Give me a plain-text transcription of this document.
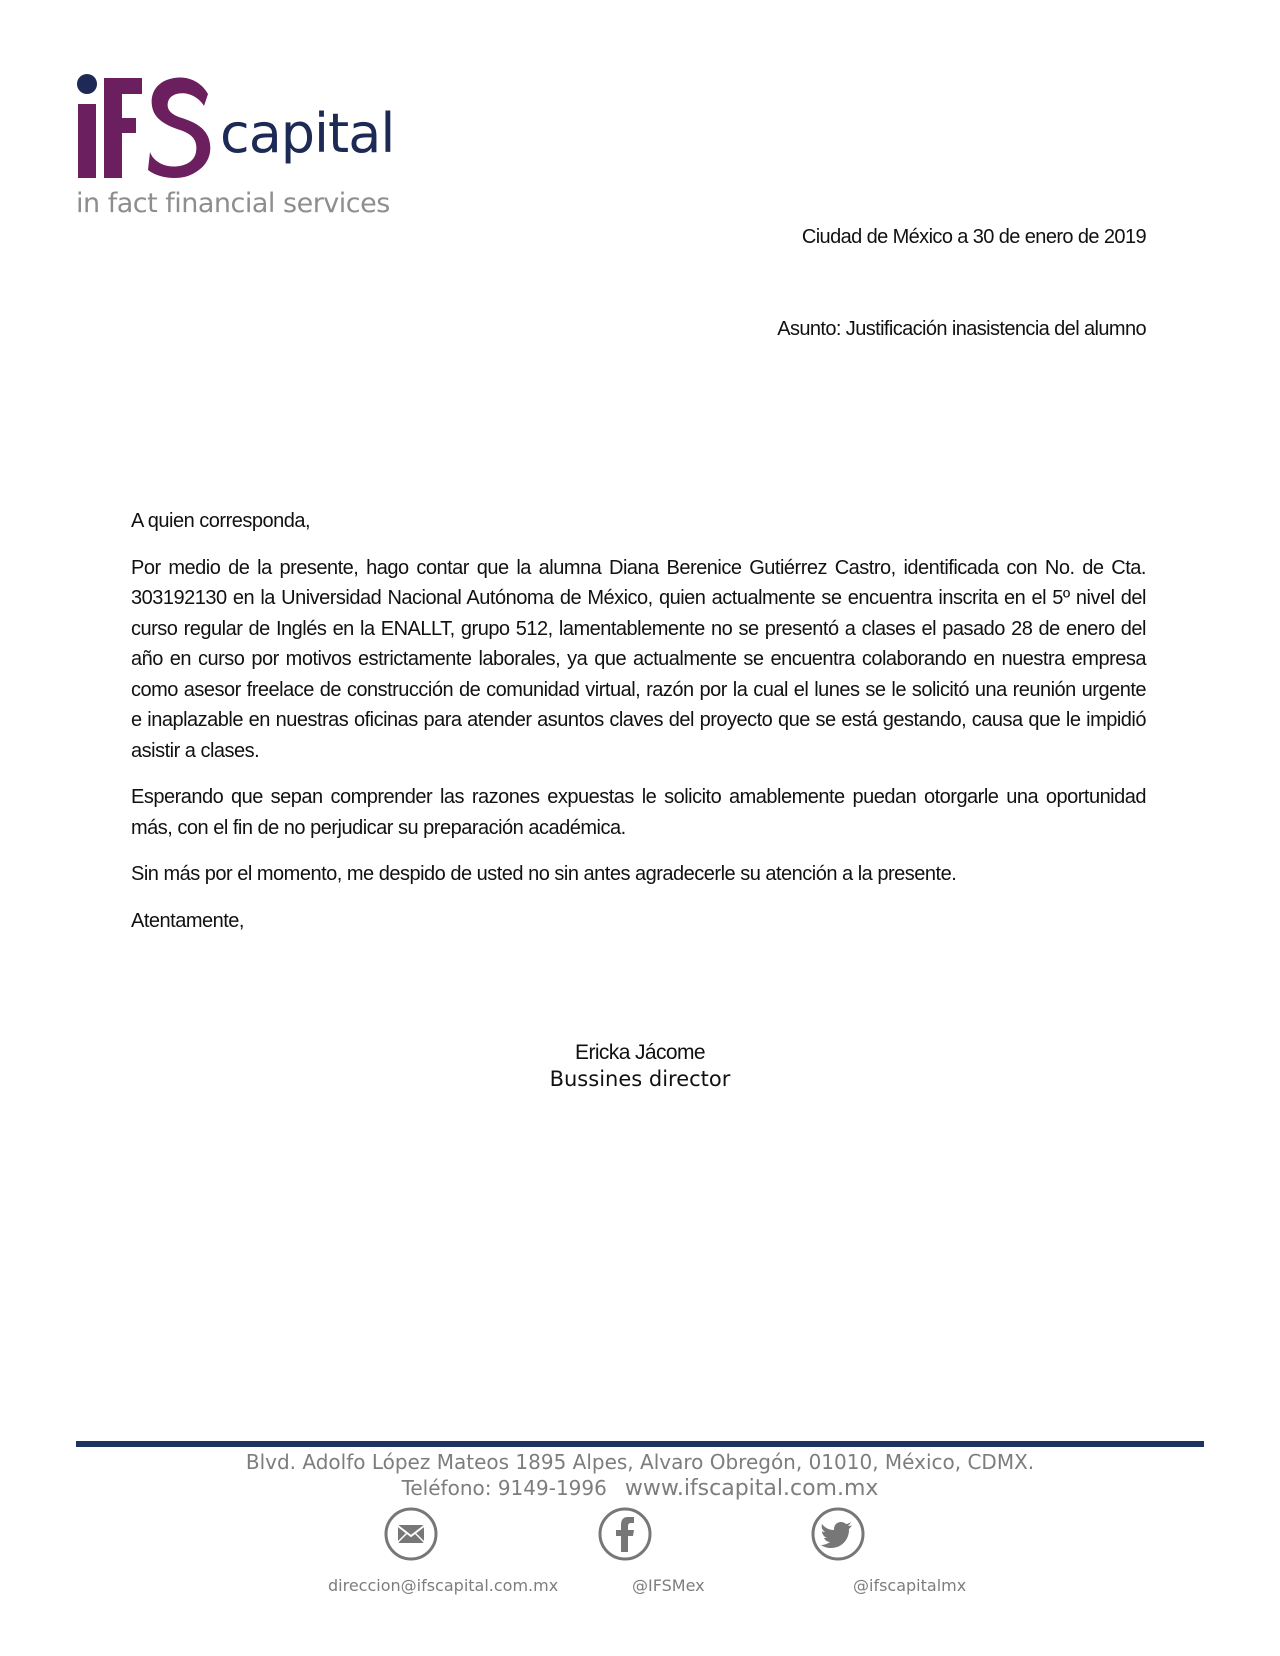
capital
in fact financial services
Ciudad de México a 30 de enero de 2019
Asunto: Justificación inasistencia del alumno

A quien corresponda,

Por medio de la presente, hago contar que la alumna Diana Berenice Gutiérrez Castro, identificada con No. de Cta. 303192130 en la Universidad Nacional Autónoma de México, quien actualmente se encuentra inscrita en el 5º nivel del curso regular de Inglés en la ENALLT, grupo 512, lamentablemente no se presentó a clases el pasado 28 de enero del año en curso por motivos estrictamente laborales, ya que actualmente se encuentra colaborando en nuestra empresa como asesor freelace de construcción de comunidad virtual, razón por la cual el lunes se le solicitó una reunión urgente e inaplazable en nuestras oficinas para atender asuntos claves del proyecto que se está gestando, causa que le impidió asistir a clases.

Esperando que sepan comprender las razones expuestas le solicito amablemente puedan otorgarle una oportunidad más, con el fin de no perjudicar su preparación académica.

Sin más por el momento, me despido de usted no sin antes agradecerle su atención a la presente.

Atentamente,

Ericka Jácome
Bussines director
Blvd. Adolfo López Mateos 1895 Alpes, Alvaro Obregón, 01010, México, CDMX.
Teléfono: 9149-1996 www.ifscapital.com.mx
direccion@ifscapital.com.mx	@IFSMex	@ifscapitalmx
